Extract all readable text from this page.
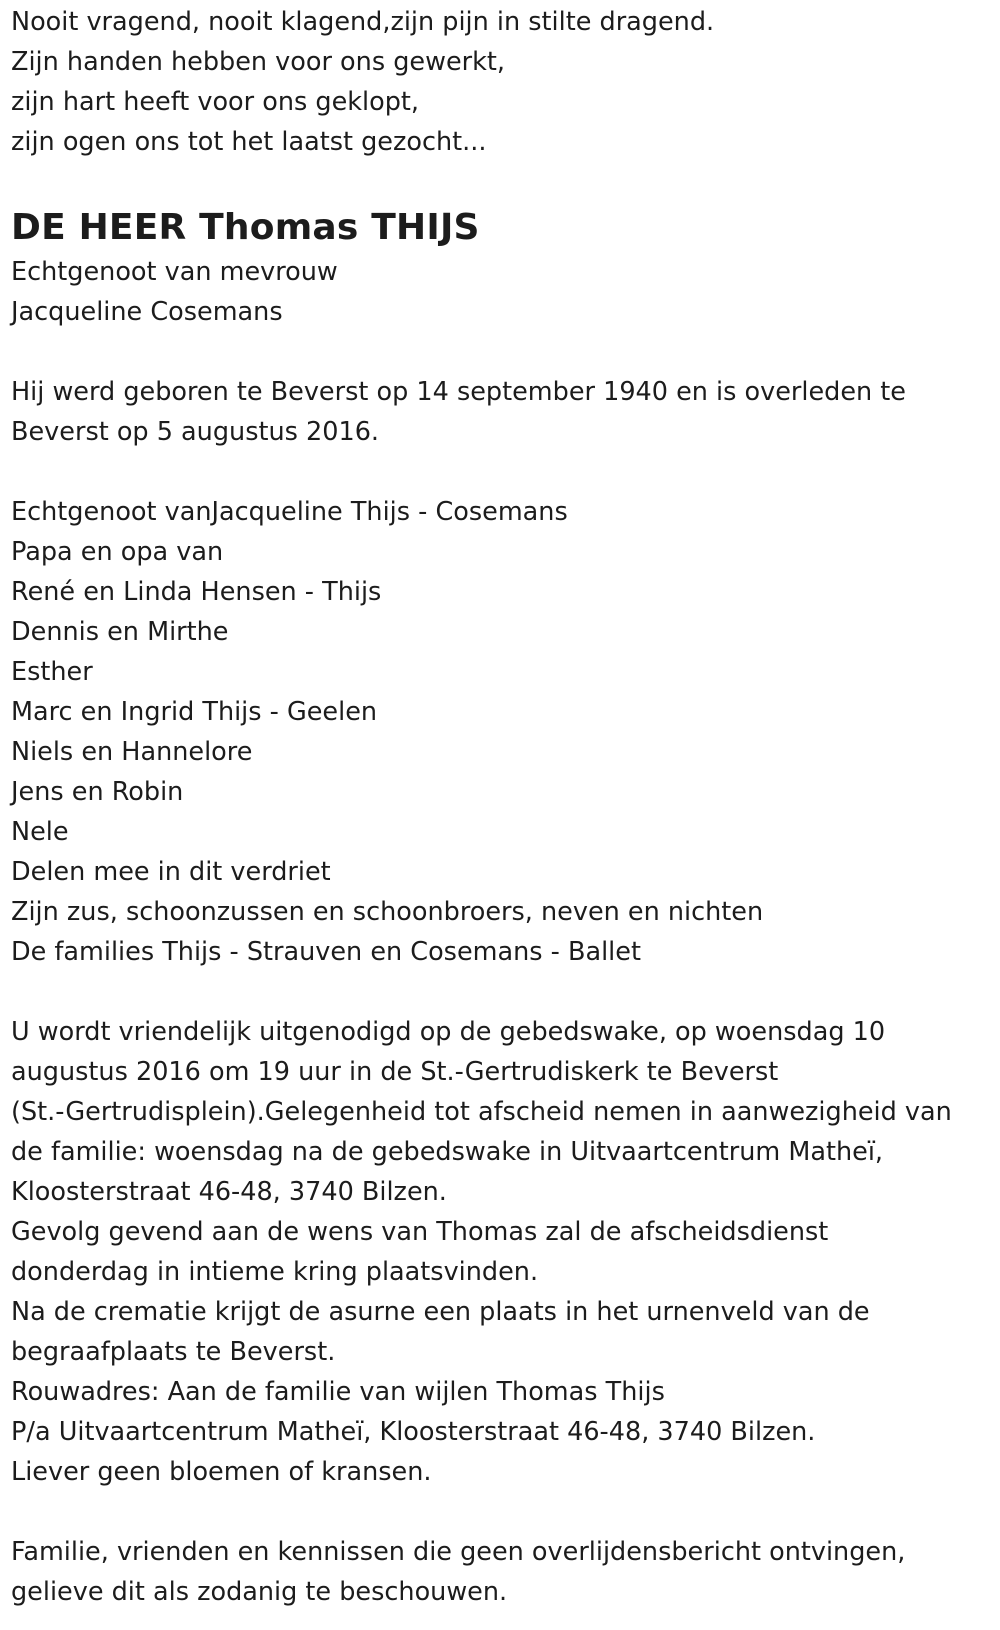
Nooit vragend, nooit klagend,zijn pijn in stilte dragend.
Zijn handen hebben voor ons gewerkt,
zijn hart heeft voor ons geklopt,
zijn ogen ons tot het laatst gezocht...
DE HEER Thomas THIJS
Echtgenoot van mevrouw
Jacqueline Cosemans
Hij werd geboren te Beverst op 14 september 1940 en is overleden te
Beverst op 5 augustus 2016.
Echtgenoot vanJacqueline Thijs - Cosemans
Papa en opa van
René en Linda Hensen - Thijs
Dennis en Mirthe
Esther
Marc en Ingrid Thijs - Geelen
Niels en Hannelore
Jens en Robin
Nele
Delen mee in dit verdriet
Zijn zus, schoonzussen en schoonbroers, neven en nichten
De families Thijs - Strauven en Cosemans - Ballet
U wordt vriendelijk uitgenodigd op de gebedswake, op woensdag 10
augustus 2016 om 19 uur in de St.-Gertrudiskerk te Beverst
(St.-Gertrudisplein).Gelegenheid tot afscheid nemen in aanwezigheid van
de familie: woensdag na de gebedswake in Uitvaartcentrum Matheï,
Kloosterstraat 46-48, 3740 Bilzen.
Gevolg gevend aan de wens van Thomas zal de afscheidsdienst
donderdag in intieme kring plaatsvinden.
Na de crematie krijgt de asurne een plaats in het urnenveld van de
begraafplaats te Beverst.
Rouwadres: Aan de familie van wijlen Thomas Thijs
P/a Uitvaartcentrum Matheï, Kloosterstraat 46-48, 3740 Bilzen.
Liever geen bloemen of kransen.
Familie, vrienden en kennissen die geen overlijdensbericht ontvingen,
gelieve dit als zodanig te beschouwen.
